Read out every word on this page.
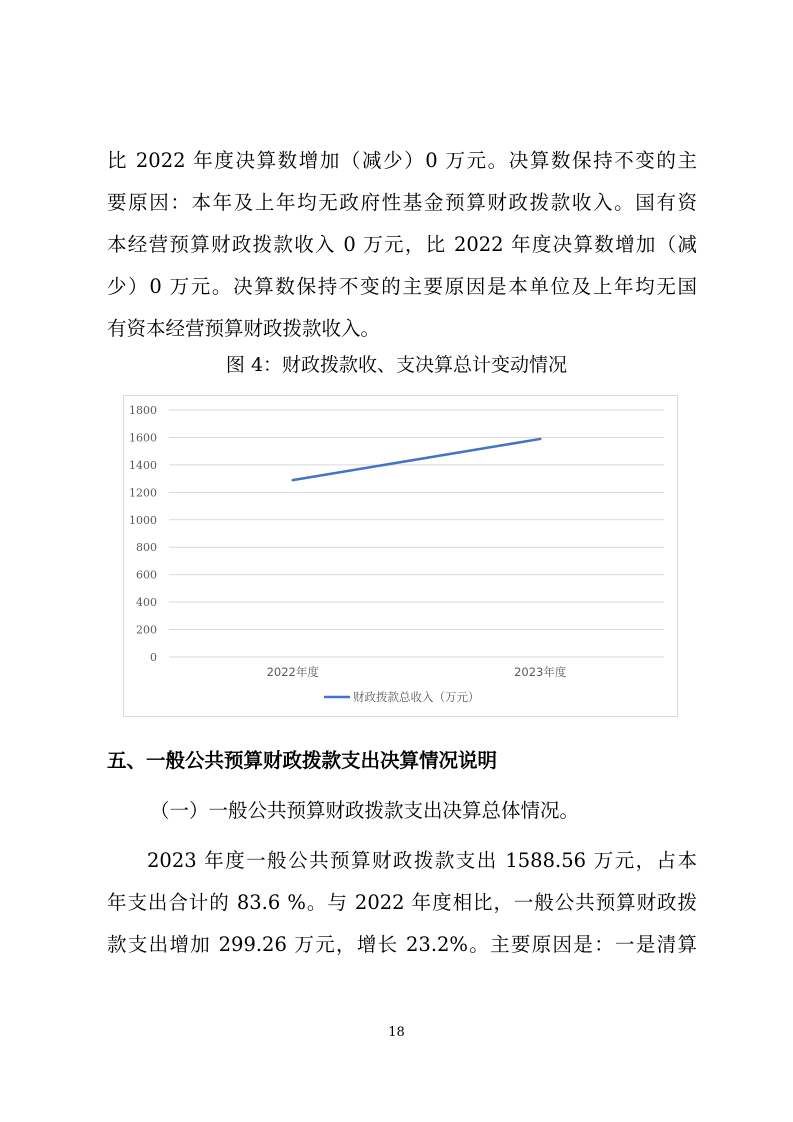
比 2022 年度决算数增加（减少）0 万元。决算数保持不变的主
要原因：本年及上年均无政府性基金预算财政拨款收入。国有资
本经营预算财政拨款收入 0 万元，比 2022 年度决算数增加（减
少）0 万元。决算数保持不变的主要原因是本单位及上年均无国
有资本经营预算财政拨款收入。
图 4：财政拨款收、支决算总计变动情况
0
200
400
600
800
1000
1200
1400
1600
1800
2022年度	2023年度
财政拨款总收入（万元）
五、一般公共预算财政拨款支出决算情况说明
（一）一般公共预算财政拨款支出决算总体情况。
2023 年度一般公共预算财政拨款支出 1588.56 万元，占本
年支出合计的 83.6 %。与 2022 年度相比，一般公共预算财政拨
款支出增加 299.26 万元，增长 23.2%。主要原因是：一是清算
18
